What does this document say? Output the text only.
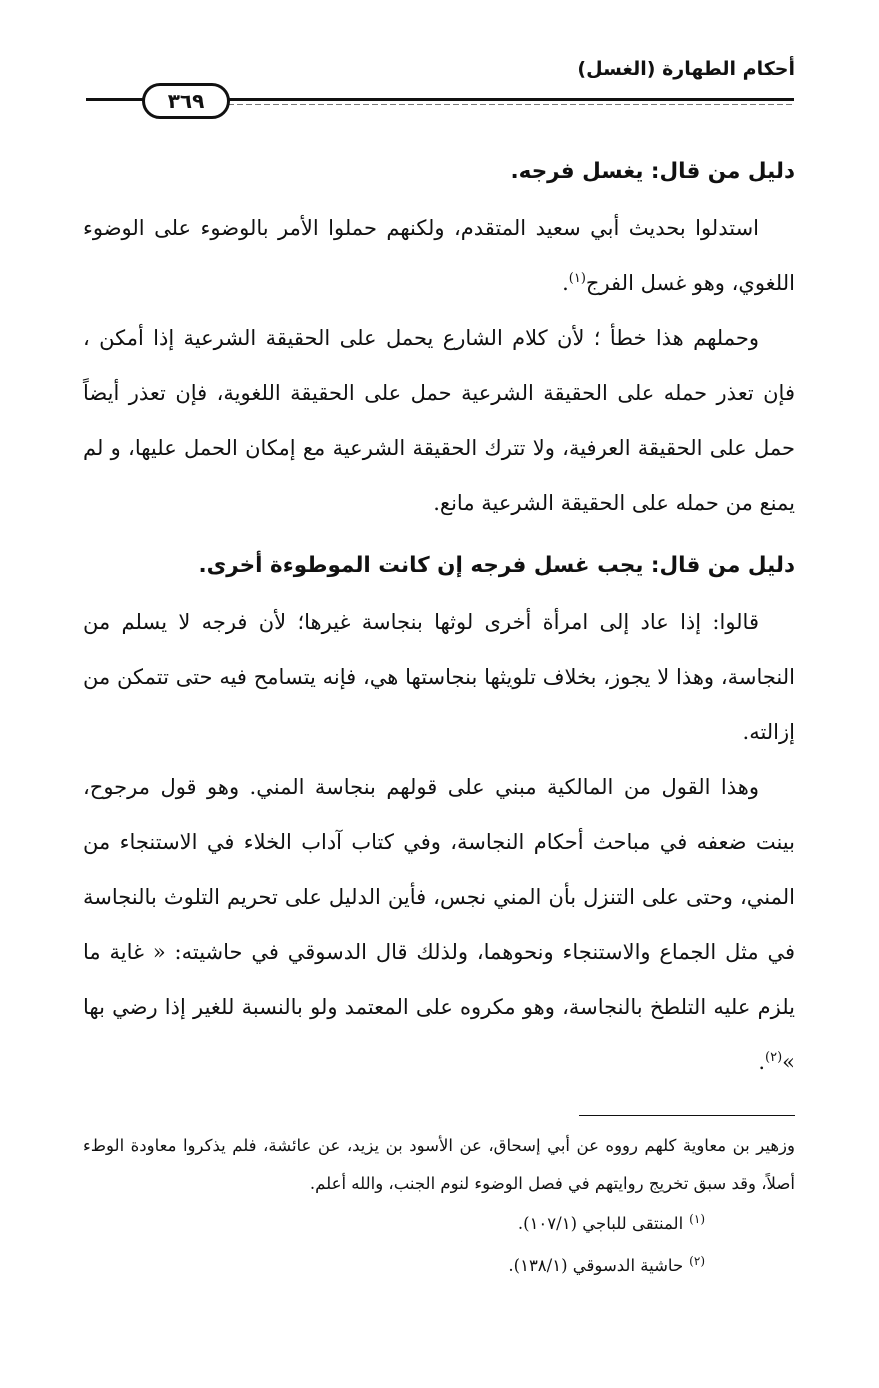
أحكام الطهارة (الغسل)
٣٦٩
دليل من قال: يغسل فرجه.

استدلوا بحديث أبي سعيد المتقدم، ولكنهم حملوا الأمر بالوضوء على الوضوء اللغوي، وهو غسل الفرج$^{(١)}$.

وحملهم هذا خطأ ؛ لأن كلام الشارع يحمل على الحقيقة الشرعية إذا أمكن ، فإن تعذر حمله على الحقيقة الشرعية حمل على الحقيقة اللغوية، فإن تعذر أيضاً حمل على الحقيقة العرفية، ولا تترك الحقيقة الشرعية مع إمكان الحمل عليها، و لم يمنع من حمله على الحقيقة الشرعية مانع.

دليل من قال: يجب غسل فرجه إن كانت الموطوءة أخرى.

قالوا: إذا عاد إلى امرأة أخرى لوثها بنجاسة غيرها؛ لأن فرجه لا يسلم من النجاسة، وهذا لا يجوز، بخلاف تلويثها بنجاستها هي، فإنه يتسامح فيه حتى تتمكن من إزالته.

وهذا القول من المالكية مبني على قولهم بنجاسة المني. وهو قول مرجوح، بينت ضعفه في مباحث أحكام النجاسة، وفي كتاب آداب الخلاء في الاستنجاء من المني، وحتى على التنزل بأن المني نجس، فأين الدليل على تحريم التلوث بالنجاسة في مثل الجماع والاستنجاء ونحوهما، ولذلك قال الدسوقي في حاشيته: « غاية ما يلزم عليه التلطخ بالنجاسة، وهو مكروه على المعتمد ولو بالنسبة للغير إذا رضي بها »$^{(٢)}$.

وزهير بن معاوية كلهم رووه عن أبي إسحاق، عن الأسود بن يزيد، عن عائشة، فلم يذكروا معاودة الوطء أصلاً، وقد سبق تخريج روايتهم في فصل الوضوء لنوم الجنب، والله أعلم.

$^{(١)}$المنتقى للباجي (١٠٧/١).

$^{(٢)}$حاشية الدسوقي (١٣٨/١).
